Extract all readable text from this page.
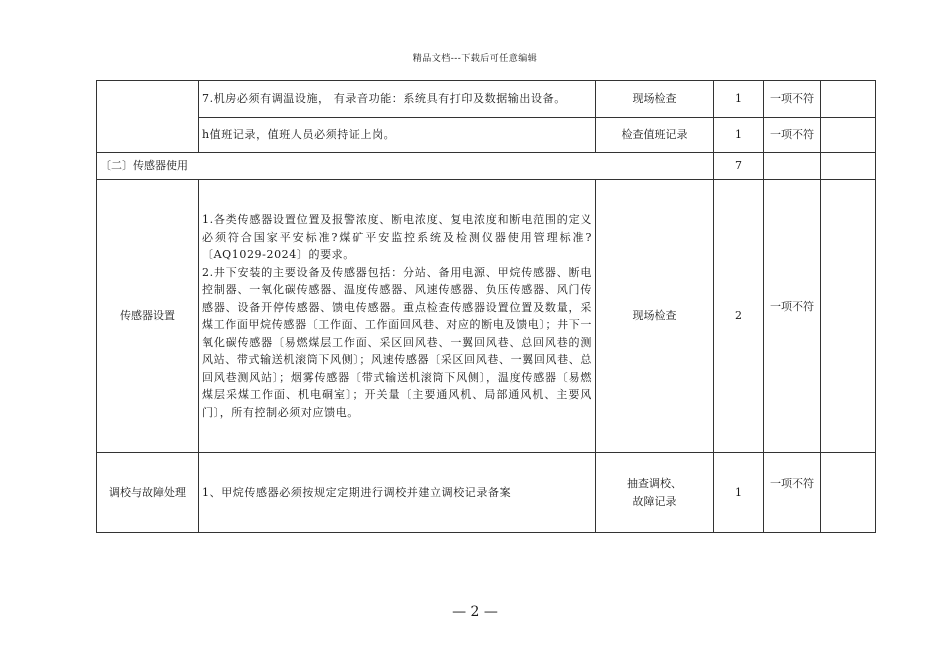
精品文档---下载后可任意编辑
	7.机房必须有调温设施， 有录音功能：系统具有打印及数据输出设备。	现场检查	1	一项不符	
	h值班记录，值班人员必须持证上岗。	检查值班记录	1	一项不符	
〔二〕传感器使用			7		
传感器设置	1.各类传感器设置位置及报警浓度、断电浓度、复电浓度和断电范围的定义必须符合国家平安标准?煤矿平安监控系统及检测仪器使用管理标准?〔AQ1029-2024〕的要求。
2.井下安装的主要设备及传感器包括：分站、备用电源、甲烷传感器、断电控制器、一氧化碳传感器、温度传感器、风速传感器、负压传感器、风门传感器、设备开停传感器、馈电传感器。重点检查传感器设置位置及数量，采煤工作面甲烷传感器〔工作面、工作面回风巷、对应的断电及馈电〕；井下一氧化碳传感器〔易燃煤层工作面、采区回风巷、一翼回风巷、总回风巷的测风站、带式输送机滚筒下风侧〕；风速传感器〔采区回风巷、一翼回风巷、总回风巷测风站〕；烟雾传感器〔带式输送机滚筒下风侧〕，温度传感器〔易燃煤层采煤工作面、机电硐室〕；开关量〔主要通风机、局部通风机、主要风门〕，所有控制必须对应馈电。	现场检查	2	一项不符	
调校与故障处理	1、甲烷传感器必须按规定定期进行调校并建立调校记录备案	抽查调校、
故障记录	1	一项不符	
— 2 —
